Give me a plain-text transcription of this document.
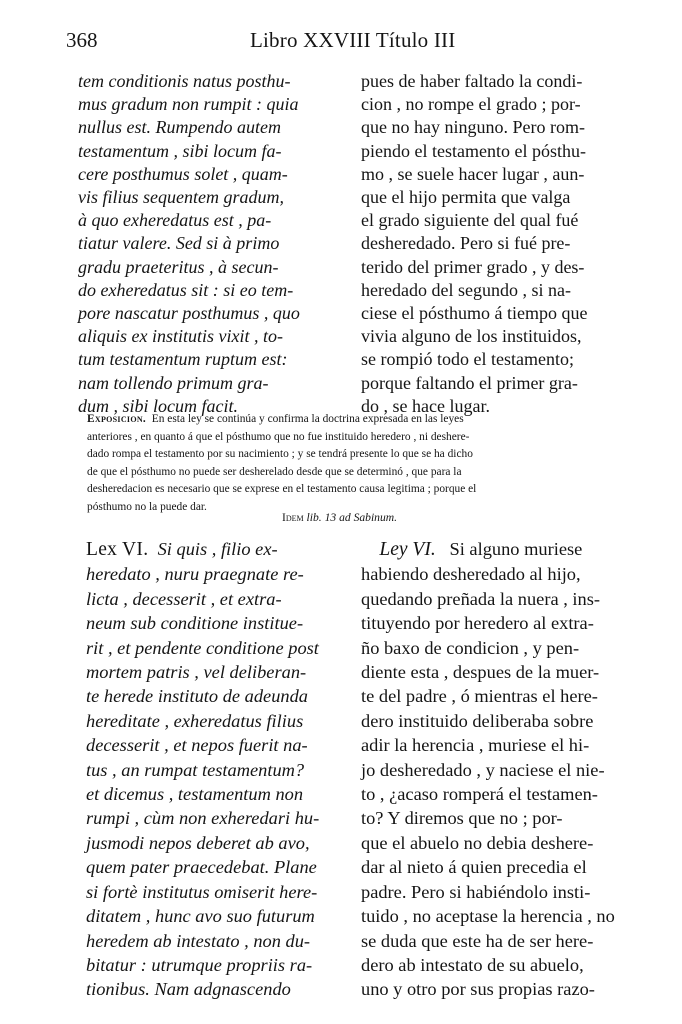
368	Libro XXVIII Título III
tem conditionis natus posthu-
mus gradum non rumpit : quia
nullus est. Rumpendo autem
testamentum , sibi locum fa-
cere posthumus solet , quam-
vis filius sequentem gradum,
à quo exheredatus est , pa-
tiatur valere. Sed si à primo
gradu praeteritus , à secun-
do exheredatus sit : si eo tem-
pore nascatur posthumus , quo
aliquis ex institutis vixit , to-
tum testamentum ruptum est:
nam tollendo primum gra-
dum , sibi locum facit.
pues de haber faltado la condi-
cion , no rompe el grado ; por-
que no hay ninguno. Pero rom-
piendo el testamento el pósthu-
mo , se suele hacer lugar , aun-
que el hijo permita que valga
el grado siguiente del qual fué
desheredado. Pero si fué pre-
terido del primer grado , y des-
heredado del segundo , si na-
ciese el pósthumo á tiempo que
vivia alguno de los instituidos,
se rompió todo el testamento;
porque faltando el primer gra-
do , se hace lugar.
Exposicion. En esta ley se continúa y confirma la doctrina expresada en las leyes
anteriores , en quanto á que el pósthumo que no fue instituido heredero , ni deshere-
dado rompa el testamento por su nacimiento ; y se tendrá presente lo que se ha dicho
de que el pósthumo no puede ser desherelado desde que se determinó , que para la
desheredacion es necesario que se exprese en el testamento causa legitima ; porque el
pósthumo no la puede dar.
Idem lib. 13 ad Sabinum.
Lex VI. Si quis , filio ex-
heredato , nuru praegnate re-
licta , decesserit , et extra-
neum sub conditione institue-
rit , et pendente conditione post
mortem patris , vel deliberan-
te herede instituto de adeunda
hereditate , exheredatus filius
decesserit , et nepos fuerit na-
tus , an rumpat testamentum?
et dicemus , testamentum non
rumpi , cùm non exheredari hu-
jusmodi nepos deberet ab avo,
quem pater praecedebat. Plane
si fortè institutus omiserit here-
ditatem , hunc avo suo futurum
heredem ab intestato , non du-
bitatur : utrumque propriis ra-
tionibus. Nam adgnascendo
Ley VI. Si alguno muriese
habiendo desheredado al hijo,
quedando preñada la nuera , ins-
tituyendo por heredero al extra-
ño baxo de condicion , y pen-
diente esta , despues de la muer-
te del padre , ó mientras el here-
dero instituido deliberaba sobre
adir la herencia , muriese el hi-
jo desheredado , y naciese el nie-
to , ¿acaso romperá el testamen-
to? Y diremos que no ; por-
que el abuelo no debia deshere-
dar al nieto á quien precedia el
padre. Pero si habiéndolo insti-
tuido , no aceptase la herencia , no
se duda que este ha de ser here-
dero ab intestato de su abuelo,
uno y otro por sus propias razo-
